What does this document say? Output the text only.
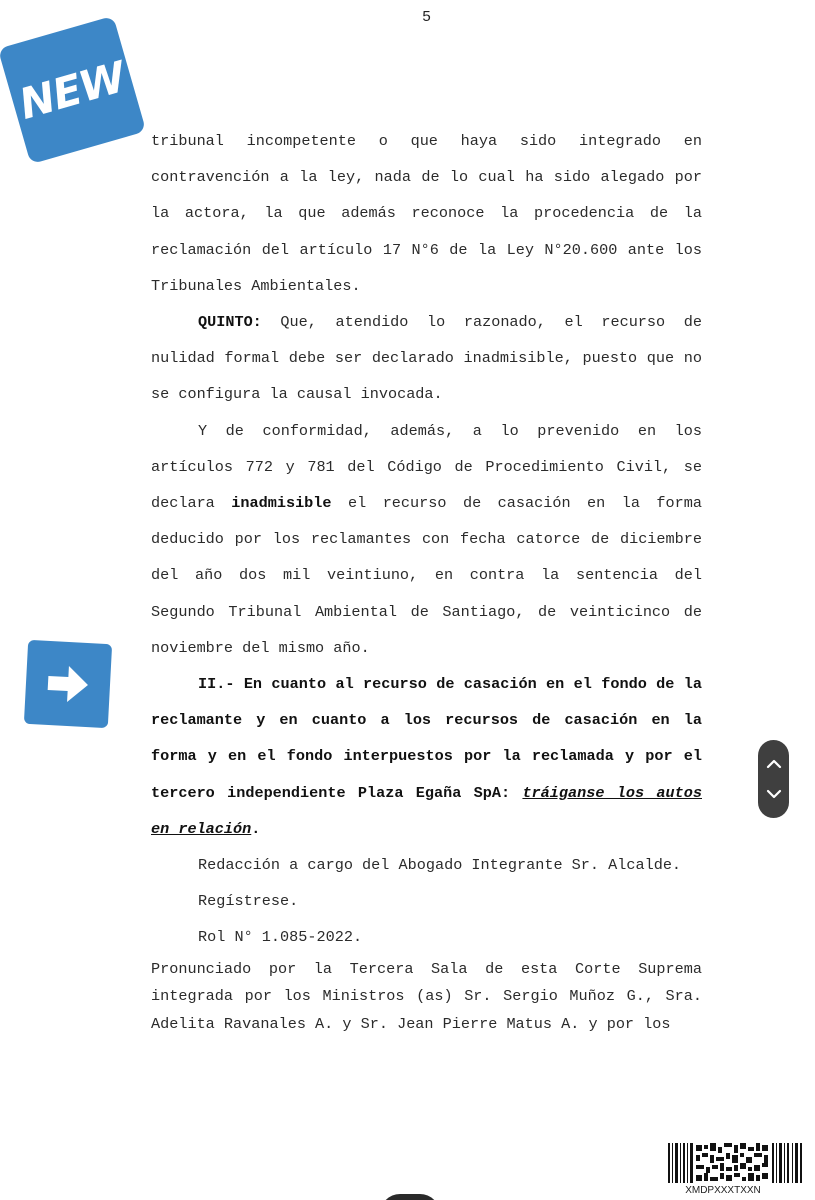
5
NEW

tribunal incompetente o que haya sido integrado en contravención a la ley, nada de lo cual ha sido alegado por la actora, la que además reconoce la procedencia de la reclamación del artículo 17 N°6 de la Ley N°20.600 ante los Tribunales Ambientales.

QUINTO: Que, atendido lo razonado, el recurso de nulidad formal debe ser declarado inadmisible, puesto que no se configura la causal invocada.

Y de conformidad, además, a lo prevenido en los artículos 772 y 781 del Código de Procedimiento Civil, se declara inadmisible el recurso de casación en la forma deducido por los reclamantes con fecha catorce de diciembre del año dos mil veintiuno, en contra la sentencia del Segundo Tribunal Ambiental de Santiago, de veinticinco de noviembre del mismo año.

II.- En cuanto al recurso de casación en el fondo de la reclamante y en cuanto a los recursos de casación en la forma y en el fondo interpuestos por la reclamada y por el tercero independiente Plaza Egaña SpA: tráiganse los autos en relación.

Redacción a cargo del Abogado Integrante Sr. Alcalde.

Regístrese.

Rol N° 1.085-2022.

Pronunciado por la Tercera Sala de esta Corte Suprema integrada por los Ministros (as) Sr. Sergio Muñoz G., Sra. Adelita Ravanales A. y Sr. Jean Pierre Matus A. y por los

XMDPXXXTXXN
